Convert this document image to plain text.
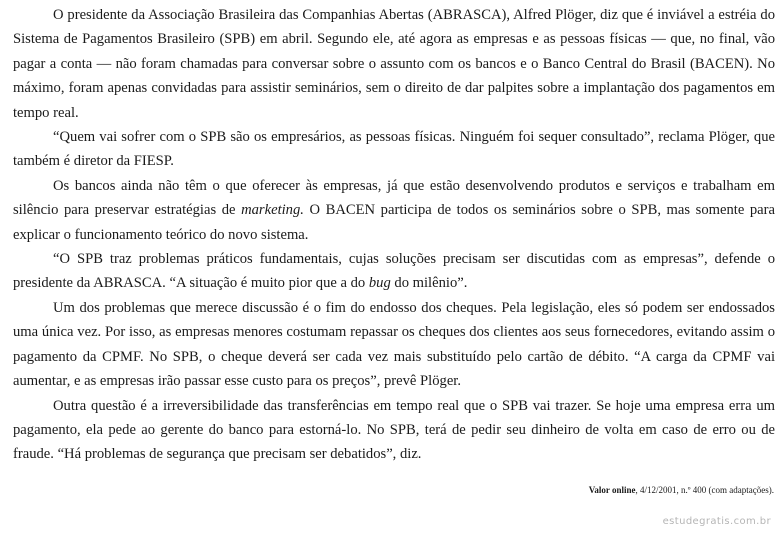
O presidente da Associação Brasileira das Companhias Abertas (ABRASCA), Alfred Plöger, diz que é inviável a estréia do Sistema de Pagamentos Brasileiro (SPB) em abril. Segundo ele, até agora as empresas e as pessoas físicas — que, no final, vão pagar a conta — não foram chamadas para conversar sobre o assunto com os bancos e o Banco Central do Brasil (BACEN). No máximo, foram apenas convidadas para assistir seminários, sem o direito de dar palpites sobre a implantação dos pagamentos em tempo real.

“Quem vai sofrer com o SPB são os empresários, as pessoas físicas. Ninguém foi sequer consultado”, reclama Plöger, que também é diretor da FIESP.

Os bancos ainda não têm o que oferecer às empresas, já que estão desenvolvendo produtos e serviços e trabalham em silêncio para preservar estratégias de marketing. O BACEN participa de todos os seminários sobre o SPB, mas somente para explicar o funcionamento teórico do novo sistema.

“O SPB traz problemas práticos fundamentais, cujas soluções precisam ser discutidas com as empresas”, defende o presidente da ABRASCA. “A situação é muito pior que a do bug do milênio”.

Um dos problemas que merece discussão é o fim do endosso dos cheques. Pela legislação, eles só podem ser endossados uma única vez. Por isso, as empresas menores costumam repassar os cheques dos clientes aos seus fornecedores, evitando assim o pagamento da CPMF. No SPB, o cheque deverá ser cada vez mais substituído pelo cartão de débito. “A carga da CPMF vai aumentar, e as empresas irão passar esse custo para os preços”, prevê Plöger.

Outra questão é a irreversibilidade das transferências em tempo real que o SPB vai trazer. Se hoje uma empresa erra um pagamento, ela pede ao gerente do banco para estorná-lo. No SPB, terá de pedir seu dinheiro de volta em caso de erro ou de fraude. “Há problemas de segurança que precisam ser debatidos”, diz.

Valor online, 4/12/2001, n.º 400 (com adaptações).
estudegratis.com.br
